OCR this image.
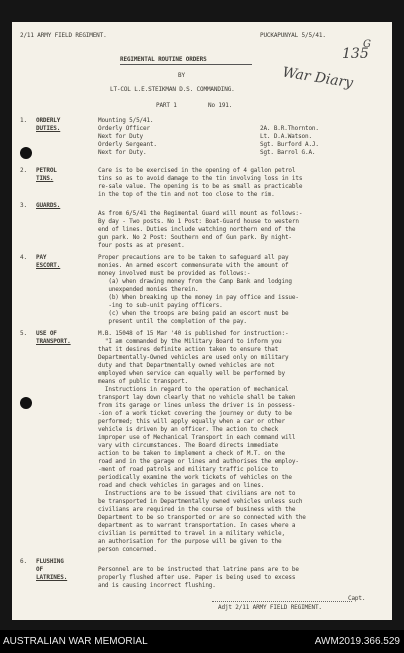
2/11 ARMY FIELD REGIMENT.	PUCKAPUNYAL 5/5/41.
135
G
REGIMENTAL ROUTINE ORDERS
BY
LT-COL L.E.STEIKMAN D.S. COMMANDING.	War Diary
PART 1	No 191.
1. ORDERLY
DUTIES.
Mounting 5/5/41.
Orderly Officer	2A. B.R.Thornton.
Next for Duty	Lt. D.A.Watson.
Orderly Sergeant.	Sgt. Burford A.J.
Next for Duty.	Sgt. Barrol G.A.
2. PETROL
TINS.
Care is to be exercised in the opening of 4 gallon petrol
tins so as to avoid damage to the tin involving loss in its
re-sale value. The opening is to be as small as practicable
in the top of the tin and not too close to the rim.
3. GUARDS.
As from 6/5/41 the Regimental Guard will mount as follows:-
By day - Two posts. No 1 Post: Boat-Guard house to western
end of lines. Duties include watching northern end of the
gun park. No 2 Post: Southern end of Gun park. By night-
four posts as at present.
4. PAY
ESCORT.
Proper precautions are to be taken to safeguard all pay
monies. An armed escort commensurate with the amount of
money involved must be provided as follows:-
(a) when drawing money from the Camp Bank and lodging
unexpended monies therein.
(b) When breaking up the money in pay office and issue-
-ing to sub-unit paying officers.
(c) when the troops are being paid an escort must be
present until the completion of the pay.
5. USE OF
TRANSPORT.
M.B. 15048 of 15 Mar '40 is published for instruction:-
"I am commanded by the Military Board to inform you
that it desires definite action taken to ensure that
Departmentally-Owned vehicles are used only on military
duty and that Departmentally owned vehicles are not
employed when service can equally well be performed by
means of public transport.
Instructions in regard to the operation of mechanical
transport lay down clearly that no vehicle shall be taken
from its garage or lines unless the driver is in possess-
-ion of a work ticket covering the journey or duty to be
performed; this will apply equally when a car or other
vehicle is driven by an officer. The action to check
improper use of Mechanical Transport in each command will
vary with circumstances. The Board directs immediate
action to be taken to implement a check of M.T. on the
road and in the garage or lines and authorises the employ-
-ment of road patrols and military traffic police to
periodically examine the work tickets of vehicles on the
road and check vehicles in garages and on lines.
Instructions are to be issued that civilians are not to
be transported in Departmentally owned vehicles unless such
civilians are required in the course of business with the
Department to be so transported or are so connected with the
department as to warrant transportation. In cases where a
civilian is permitted to travel in a military vehicle,
an authorisation for the purpose will be given to the
person concerned.
6. FLUSHING
OF
LATRINES.
Personnel are to be instructed that latrine pans are to be
properly flushed after use. Paper is being used to excess
and is causing incorrect flushing.
Capt.
Adjt 2/11 ARMY FIELD REGIMENT.
AUSTRALIAN WAR MEMORIAL	AWM2019.366.529
